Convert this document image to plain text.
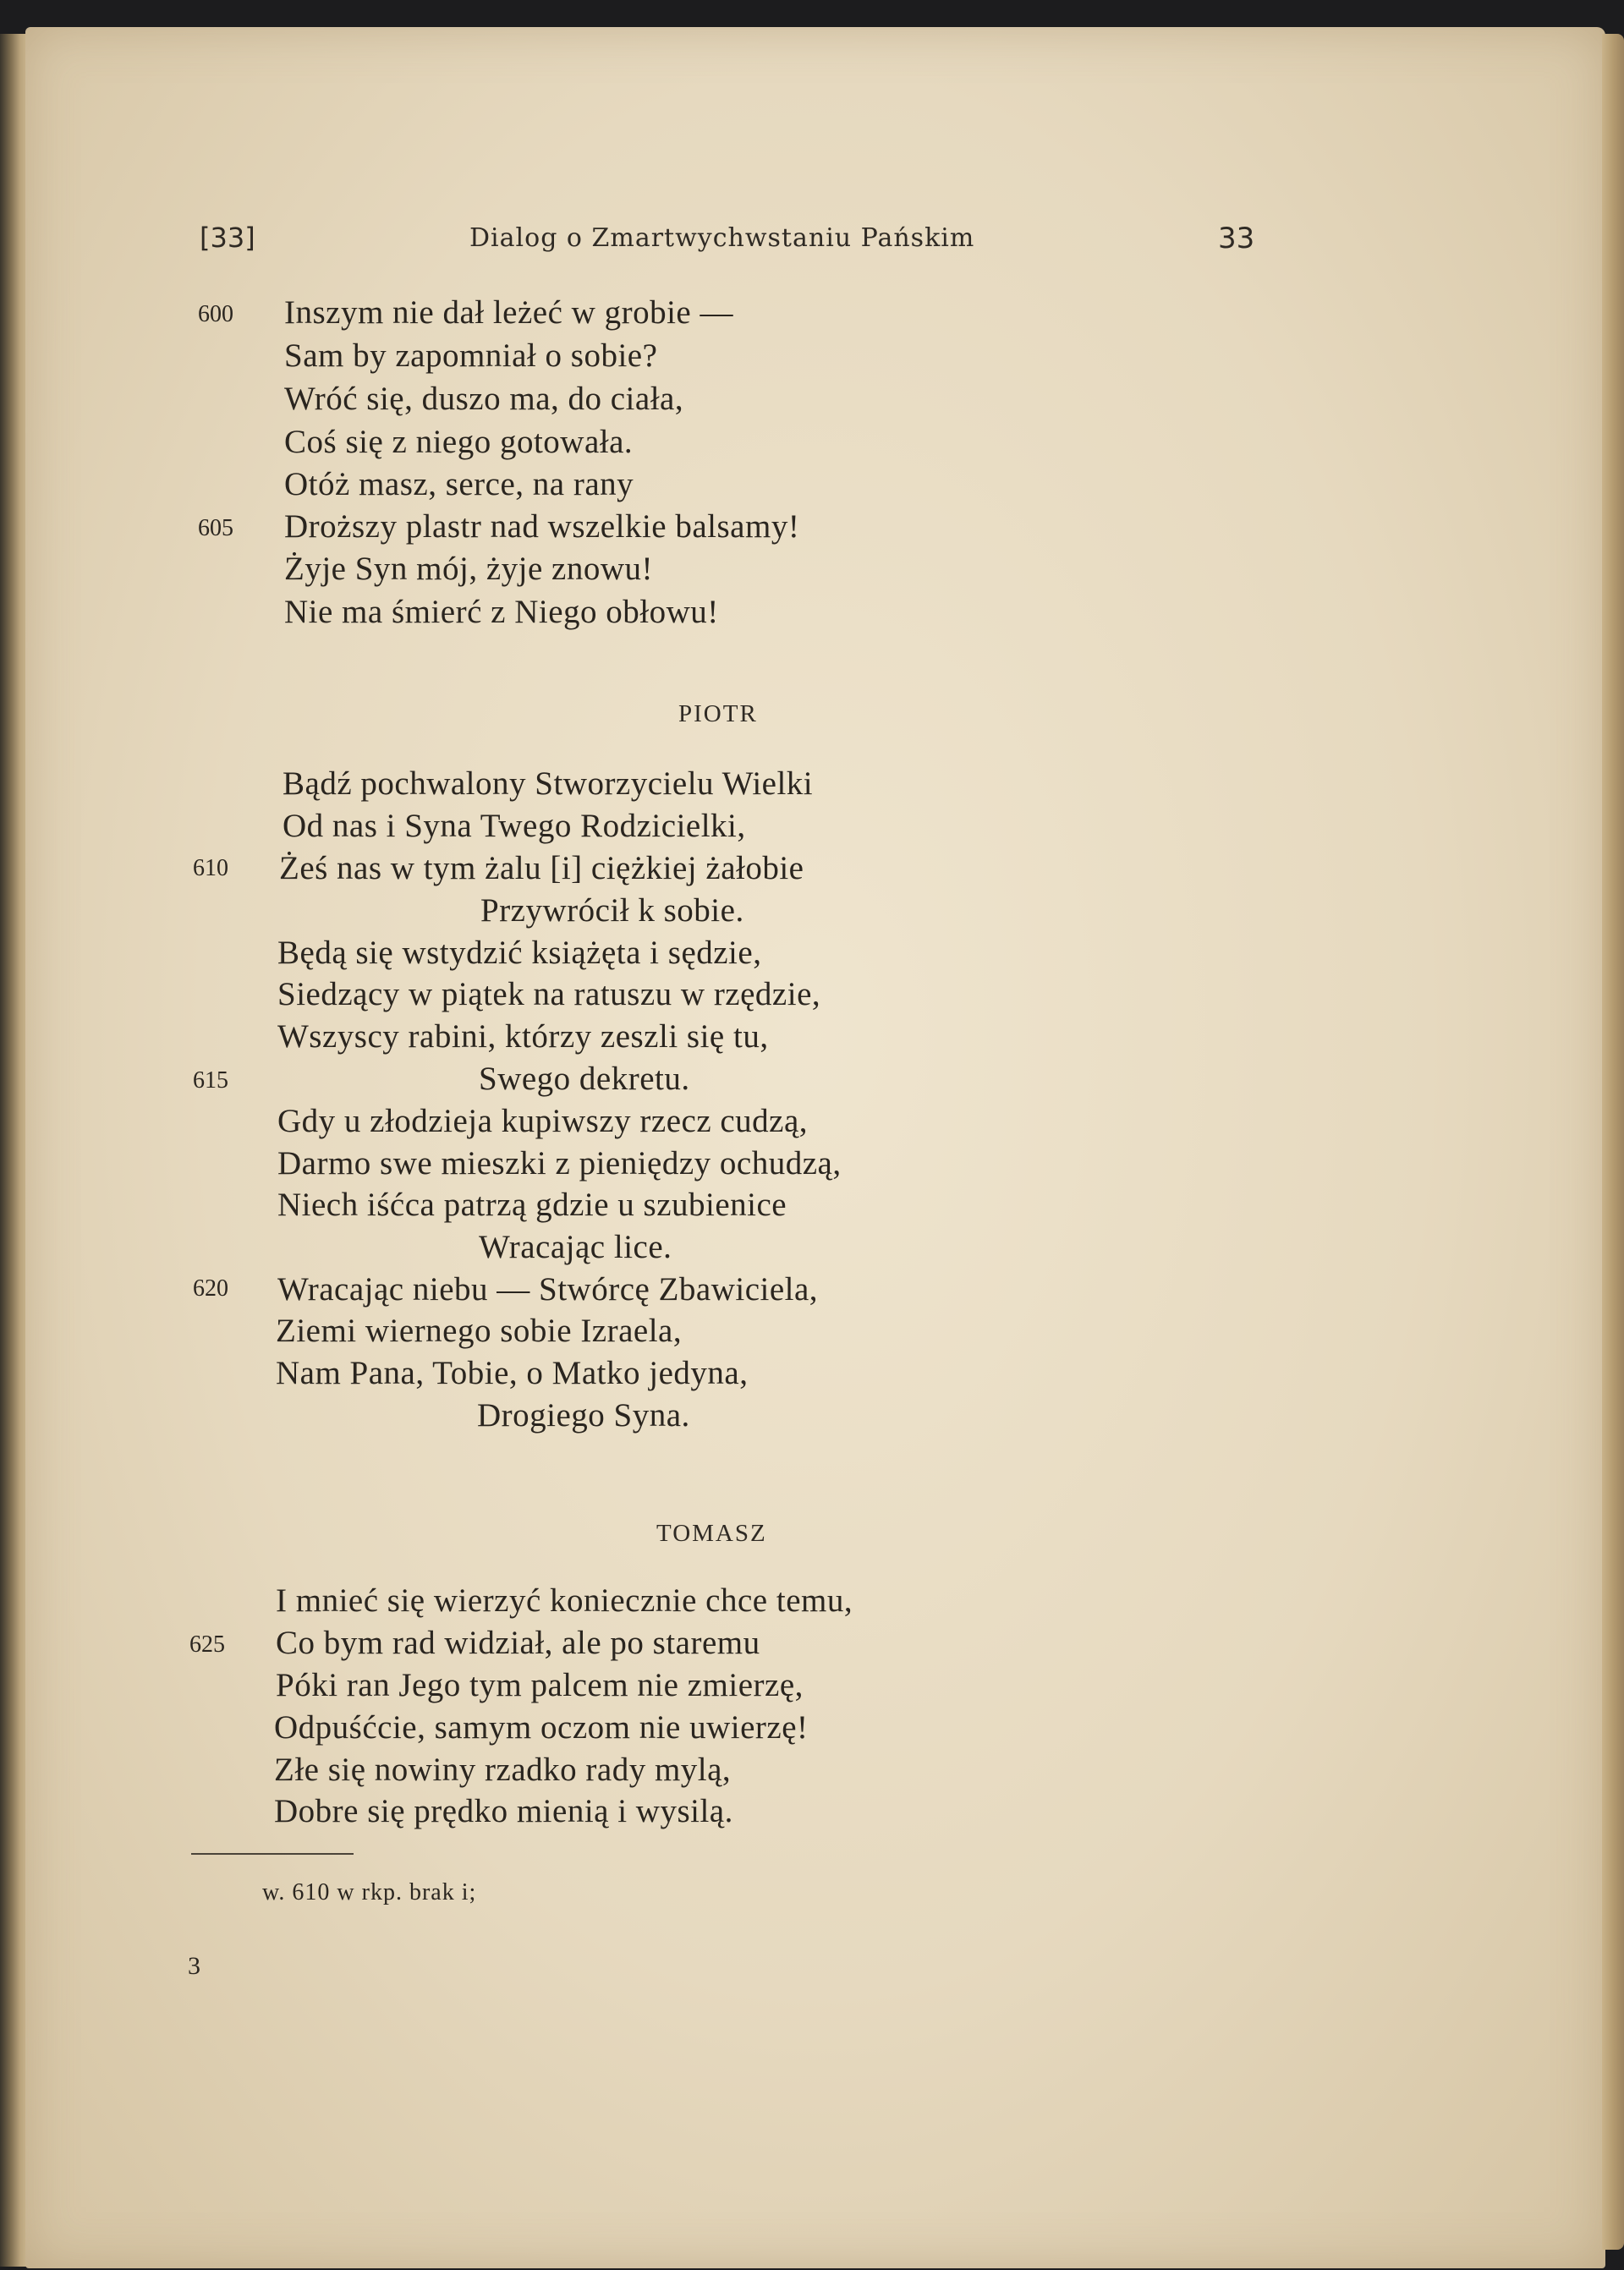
[33]	Dialog o Zmartwychwstaniu Pańskim	33
600
605
Inszym nie dał leżeć w grobie —
Sam by zapomniał o sobie?
Wróć się, duszo ma, do ciała,
Coś się z niego gotowała.
Otóż masz, serce, na rany
Droższy plastr nad wszelkie balsamy!
Żyje Syn mój, żyje znowu!
Nie ma śmierć z Niego obłowu!
PIOTR
610
615
620
Bądź pochwalony Stworzycielu Wielki
Od nas i Syna Twego Rodzicielki,
Żeś nas w tym żalu [i] ciężkiej żałobie
Przywrócił k sobie.
Będą się wstydzić książęta i sędzie,
Siedzący w piątek na ratuszu w rzędzie,
Wszyscy rabini, którzy zeszli się tu,
Swego dekretu.
Gdy u złodzieja kupiwszy rzecz cudzą,
Darmo swe mieszki z pieniędzy ochudzą,
Niech iśćca patrzą gdzie u szubienice
Wracając lice.
Wracając niebu — Stwórcę Zbawiciela,
Ziemi wiernego sobie Izraela,
Nam Pana, Tobie, o Matko jedyna,
Drogiego Syna.
TOMASZ
625
I mnieć się wierzyć koniecznie chce temu,
Co bym rad widział, ale po staremu
Póki ran Jego tym palcem nie zmierzę,
Odpuśćcie, samym oczom nie uwierzę!
Złe się nowiny rzadko rady mylą,
Dobre się prędko mienią i wysilą.
w. 610 w rkp. brak i;
3
